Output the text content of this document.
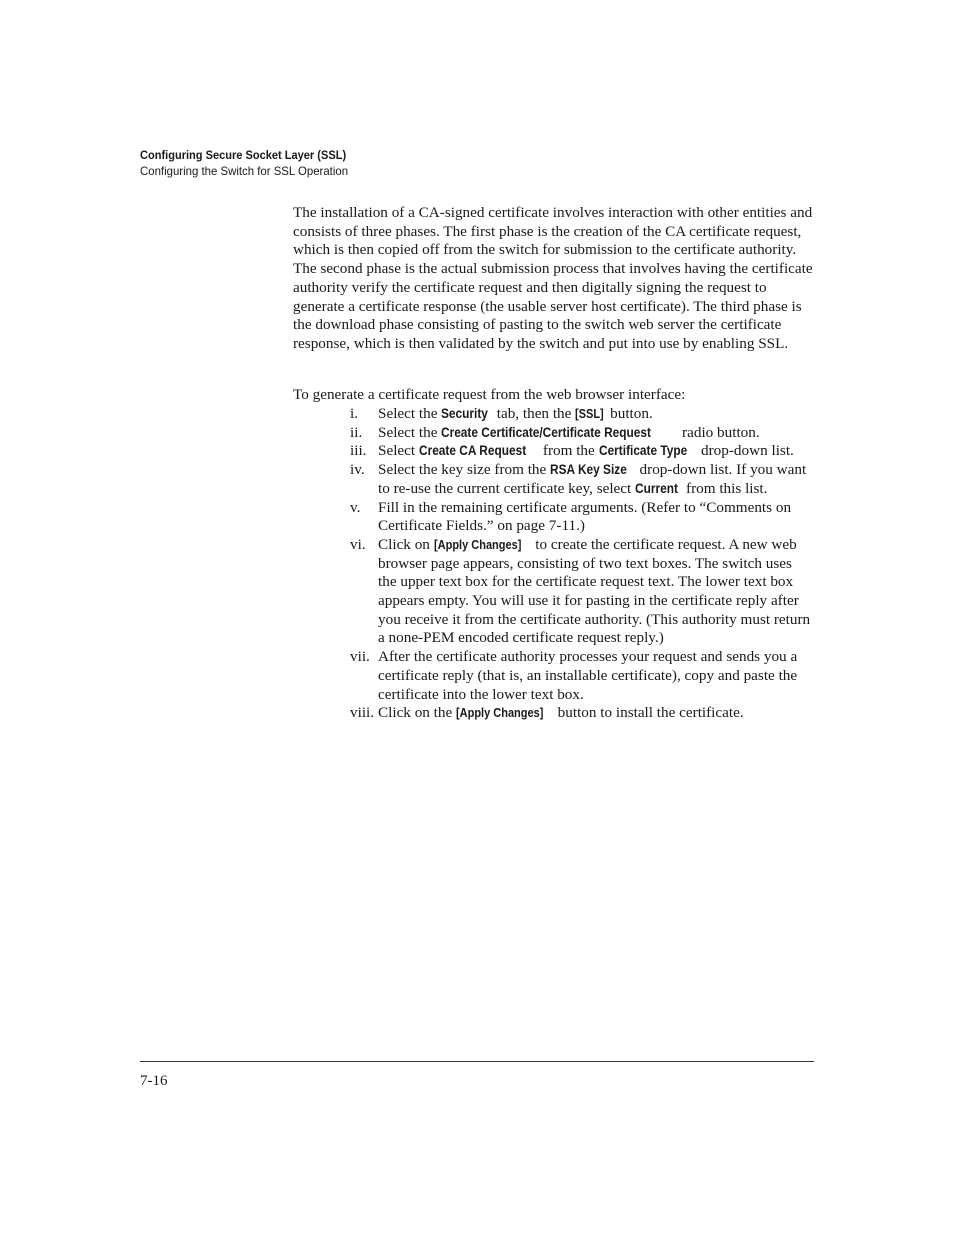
Configuring Secure Socket Layer (SSL)
Configuring the Switch for SSL Operation

The installation of a CA-signed certificate involves interaction with other entities and consists of three phases. The first phase is the creation of the CA certificate request, which is then copied off from the switch for submission to the certificate authority. The second phase is the actual submission process that involves having the certificate authority verify the certificate request and then digitally signing the request to generate a certificate response (the usable server host certificate). The third phase is the download phase consisting of pasting to the switch web server the certificate response, which is then validated by the switch and put into use by enabling SSL.

To generate a certificate request from the web browser interface:

i. Select the Security tab, then the [SSL] button.
ii. Select the Create Certificate/Certificate Request radio button.
iii. Select Create CA Request from the Certificate Type drop-down list.
iv. Select the key size from the RSA Key Size drop-down list. If you want to re-use the current certificate key, select Current from this list.
v. Fill in the remaining certificate arguments. (Refer to “Comments on Certificate Fields.” on page 7-11.)
vi. Click on [Apply Changes] to create the certificate request. A new web browser page appears, consisting of two text boxes. The switch uses the upper text box for the certificate request text. The lower text box appears empty. You will use it for pasting in the certificate reply after you receive it from the certificate authority. (This authority must return a none-PEM encoded certificate request reply.)
vii. After the certificate authority processes your request and sends you a certificate reply (that is, an installable certificate), copy and paste the certificate into the lower text box.
viii. Click on the [Apply Changes] button to install the certificate.
7-16
